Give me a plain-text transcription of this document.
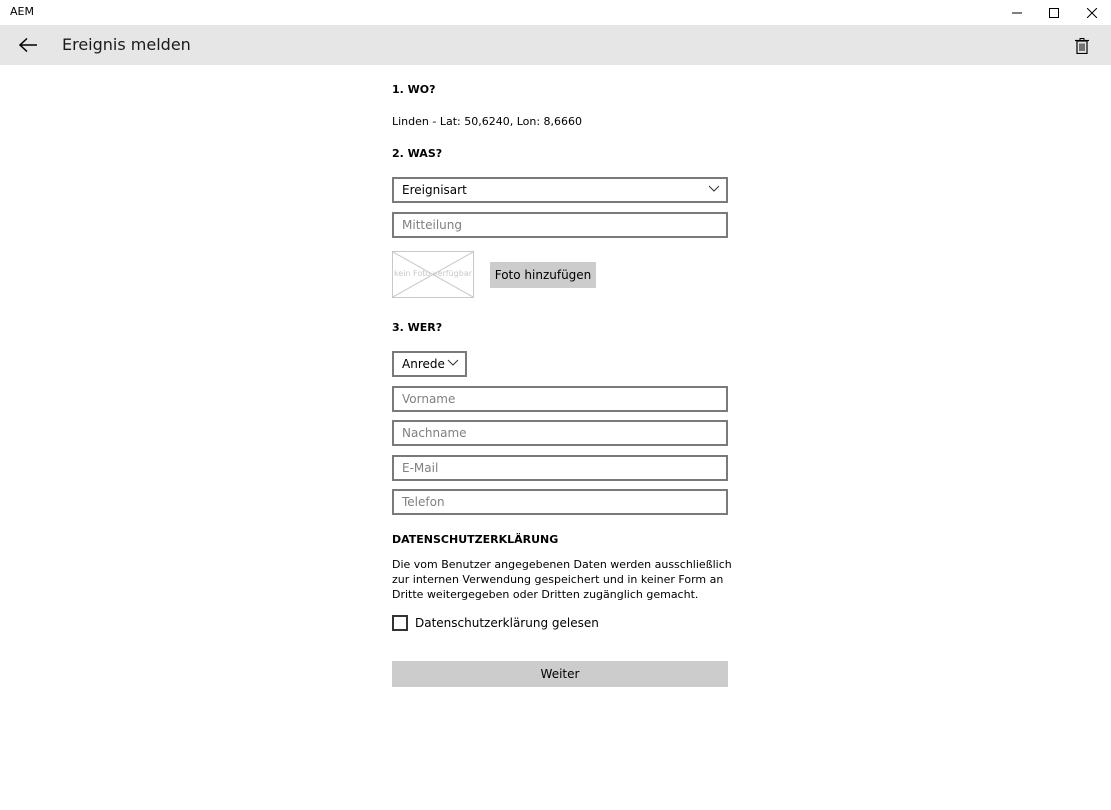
AEM
Ereignis melden
1. WO?
Linden - Lat: 50,6240, Lon: 8,6660
2. WAS?
Ereignisart
Mitteilung
kein Foto verfügbar	Foto hinzufügen
3. WER?
Anrede
Vorname
Nachname
E-Mail
Telefon
DATENSCHUTZERKLÄRUNG
Die vom Benutzer angegebenen Daten werden ausschließlich zur internen Verwendung gespeichert und in keiner Form an Dritte weitergegeben oder Dritten zugänglich gemacht.
Datenschutzerklärung gelesen
Weiter
